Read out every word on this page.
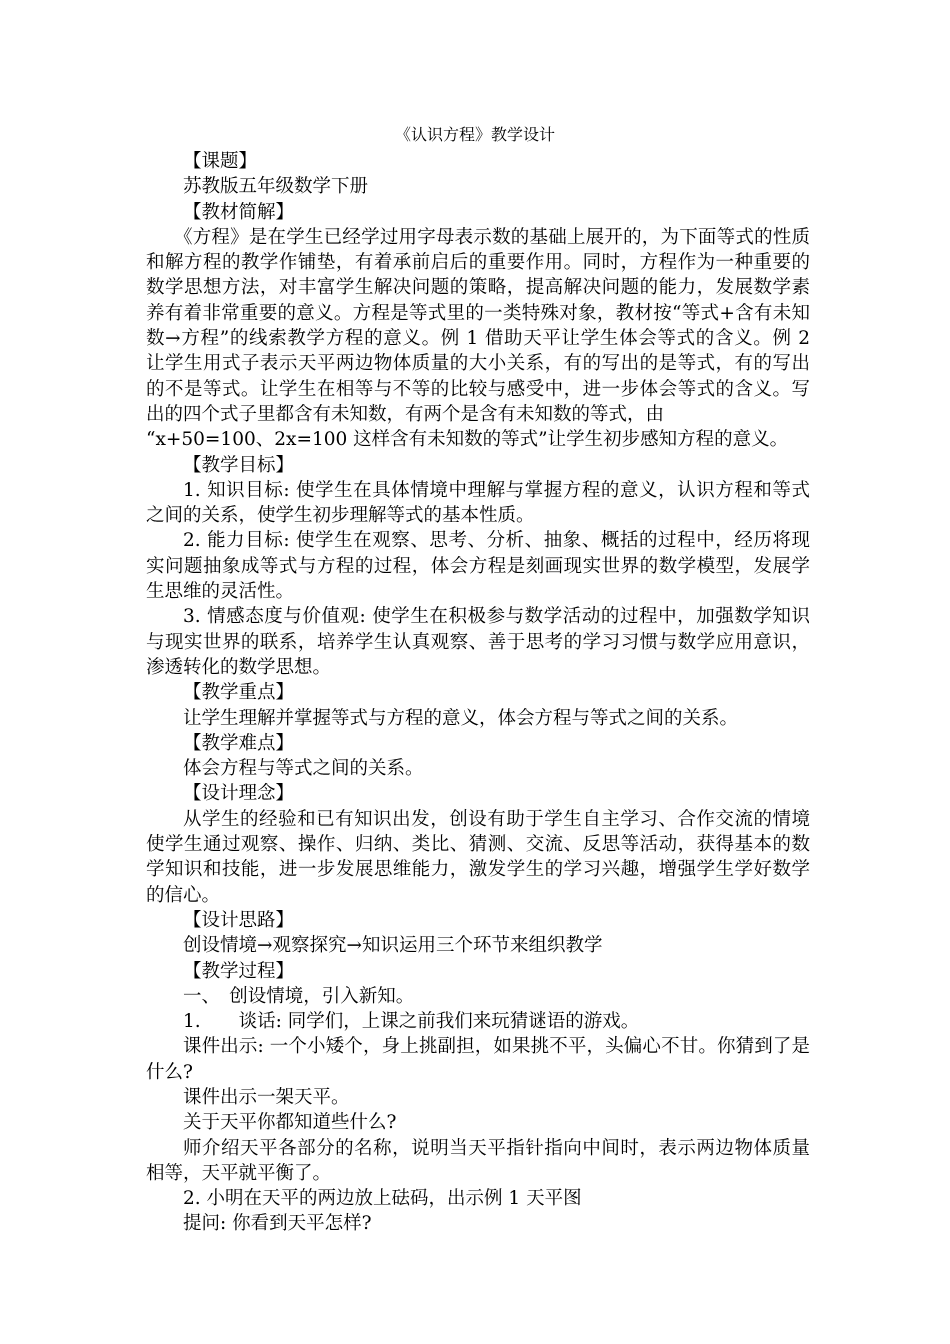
《认识方程》教学设计

【课题】

苏教版五年级数学下册

【教材简解】

《方程》是在学生已经学过用字母表示数的基础上展开的，为下面等式的性质和解方程的教学作铺垫，有着承前启后的重要作用。同时，方程作为一种重要的数学思想方法，对丰富学生解决问题的策略，提高解决问题的能力，发展数学素养有着非常重要的意义。方程是等式里的一类特殊对象，教材按“等式+含有未知数→方程”的线索教学方程的意义。例 1 借助天平让学生体会等式的含义。例 2 让学生用式子表示天平两边物体质量的大小关系，有的写出的是等式，有的写出的不是等式。让学生在相等与不等的比较与感受中，进一步体会等式的含义。写出的四个式子里都含有未知数，有两个是含有未知数的等式，由

“x+50=100、2x=100 这样含有未知数的等式”让学生初步感知方程的意义。

【教学目标】

1. 知识目标: 使学生在具体情境中理解与掌握方程的意义，认识方程和等式之间的关系，使学生初步理解等式的基本性质。

2. 能力目标: 使学生在观察、思考、分析、抽象、概括的过程中，经历将现实问题抽象成等式与方程的过程，体会方程是刻画现实世界的数学模型，发展学生思维的灵活性。

3. 情感态度与价值观: 使学生在积极参与数学活动的过程中，加强数学知识与现实世界的联系，培养学生认真观察、善于思考的学习习惯与数学应用意识，渗透转化的数学思想。

【教学重点】

让学生理解并掌握等式与方程的意义，体会方程与等式之间的关系。

【教学难点】

体会方程与等式之间的关系。

【设计理念】

从学生的经验和已有知识出发，创设有助于学生自主学习、合作交流的情境使学生通过观察、操作、归纳、类比、猜测、交流、反思等活动，获得基本的数学知识和技能，进一步发展思维能力，激发学生的学习兴趣，增强学生学好数学的信心。

【设计思路】

创设情境→观察探究→知识运用三个环节来组织教学

【教学过程】

一、　 创设情境，引入新知。

1. 谈话: 同学们，上课之前我们来玩猜谜语的游戏。

课件出示: 一个小矮个，身上挑副担，如果挑不平，头偏心不甘。你猜到了是什么?

课件出示一架天平。

关于天平你都知道些什么?

师介绍天平各部分的名称，说明当天平指针指向中间时，表示两边物体质量相等，天平就平衡了。

2. 小明在天平的两边放上砝码，出示例 1 天平图

提问: 你看到天平怎样?
